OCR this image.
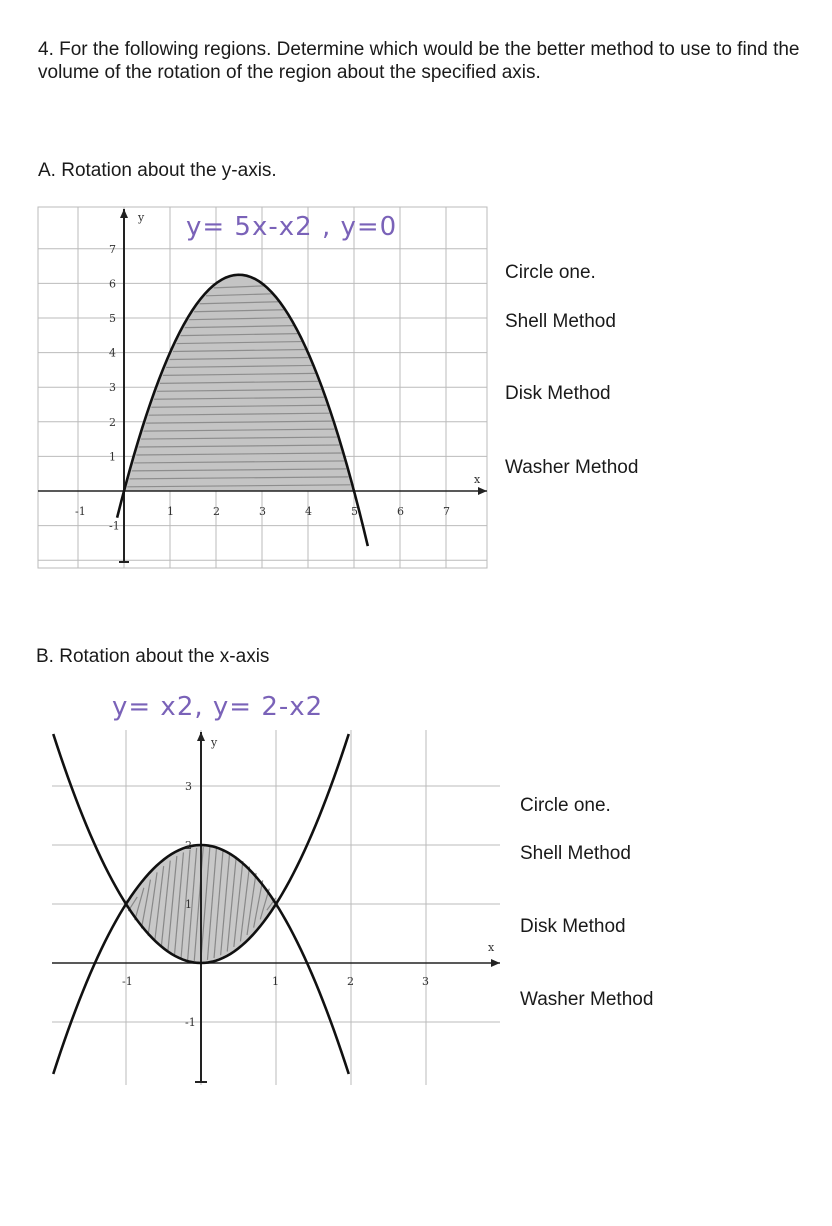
4. For the following regions. Determine which would be the better method to use to find the volume of the rotation of the region about the specified axis.
A. Rotation about the y-axis.
-1	1	2	3	4	5	6	7
-1
1
2
3
4
5
6
7
x
y
-1	1	2	3
-1
1
2
3
x
y
y= 5x-x2 , y=0
Circle one.
Shell Method
Disk Method
Washer Method
B. Rotation about the x-axis
y= x2, y= 2-x2
Circle one.
Shell Method
Disk Method
Washer Method
